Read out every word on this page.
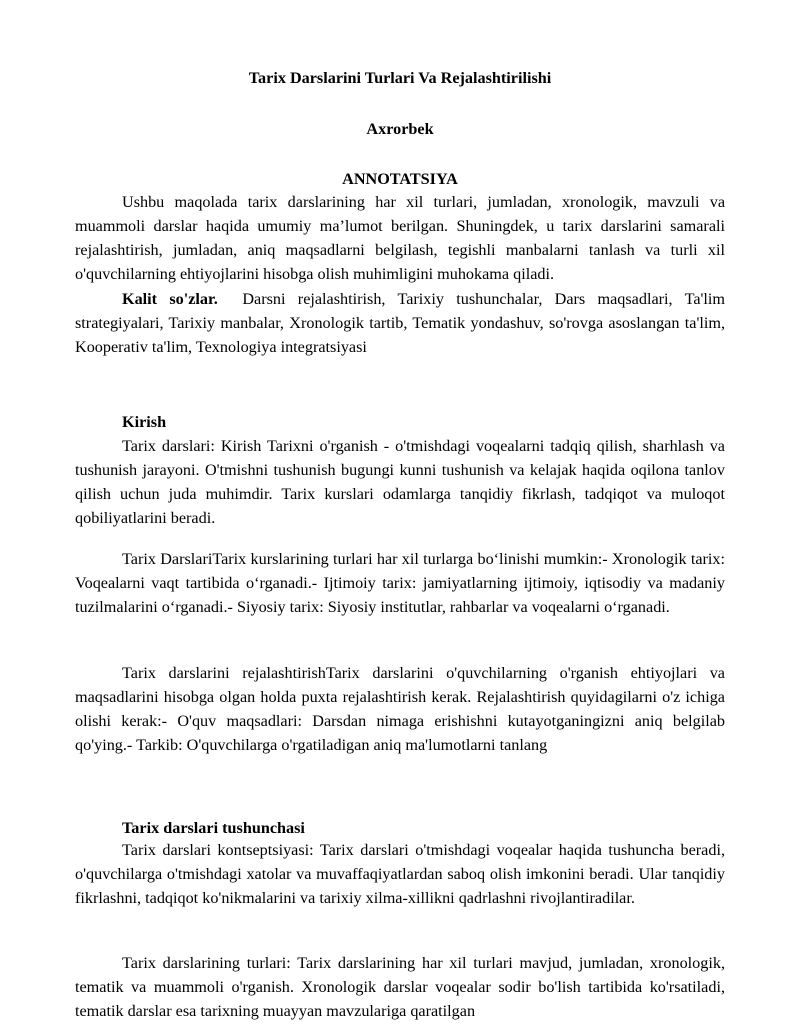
Tarix Darslarini Turlari Va Rejalashtirilishi
Axrorbek
ANNOTATSIYA
Ushbu maqolada tarix darslarining har xil turlari, jumladan, xronologik, mavzuli va muammoli darslar haqida umumiy ma’lumot berilgan. Shuningdek, u tarix darslarini samarali rejalashtirish, jumladan, aniq maqsadlarni belgilash, tegishli manbalarni tanlash va turli xil o'quvchilarning ehtiyojlarini hisobga olish muhimligini muhokama qiladi.
Kalit so'zlar. Darsni rejalashtirish, Tarixiy tushunchalar, Dars maqsadlari, Ta'lim strategiyalari, Tarixiy manbalar, Xronologik tartib, Tematik yondashuv, so'rovga asoslangan ta'lim, Kooperativ ta'lim, Texnologiya integratsiyasi
Kirish
Tarix darslari: Kirish Tarixni o'rganish - o'tmishdagi voqealarni tadqiq qilish, sharhlash va tushunish jarayoni. O'tmishni tushunish bugungi kunni tushunish va kelajak haqida oqilona tanlov qilish uchun juda muhimdir. Tarix kurslari odamlarga tanqidiy fikrlash, tadqiqot va muloqot qobiliyatlarini beradi.
Tarix DarslariTarix kurslarining turlari har xil turlarga boʻlinishi mumkin:- Xronologik tarix: Voqealarni vaqt tartibida oʻrganadi.- Ijtimoiy tarix: jamiyatlarning ijtimoiy, iqtisodiy va madaniy tuzilmalarini oʻrganadi.- Siyosiy tarix: Siyosiy institutlar, rahbarlar va voqealarni oʻrganadi.
Tarix darslarini rejalashtirishTarix darslarini o'quvchilarning o'rganish ehtiyojlari va maqsadlarini hisobga olgan holda puxta rejalashtirish kerak. Rejalashtirish quyidagilarni o'z ichiga olishi kerak:- O'quv maqsadlari: Darsdan nimaga erishishni kutayotganingizni aniq belgilab qo'ying.- Tarkib: O'quvchilarga o'rgatiladigan aniq ma'lumotlarni tanlang
Tarix darslari tushunchasi
Tarix darslari kontseptsiyasi: Tarix darslari o'tmishdagi voqealar haqida tushuncha beradi, o'quvchilarga o'tmishdagi xatolar va muvaffaqiyatlardan saboq olish imkonini beradi. Ular tanqidiy fikrlashni, tadqiqot ko'nikmalarini va tarixiy xilma-xillikni qadrlashni rivojlantiradilar.
Tarix darslarining turlari: Tarix darslarining har xil turlari mavjud, jumladan, xronologik, tematik va muammoli o'rganish. Xronologik darslar voqealar sodir bo'lish tartibida ko'rsatiladi, tematik darslar esa tarixning muayyan mavzulariga qaratilgan
